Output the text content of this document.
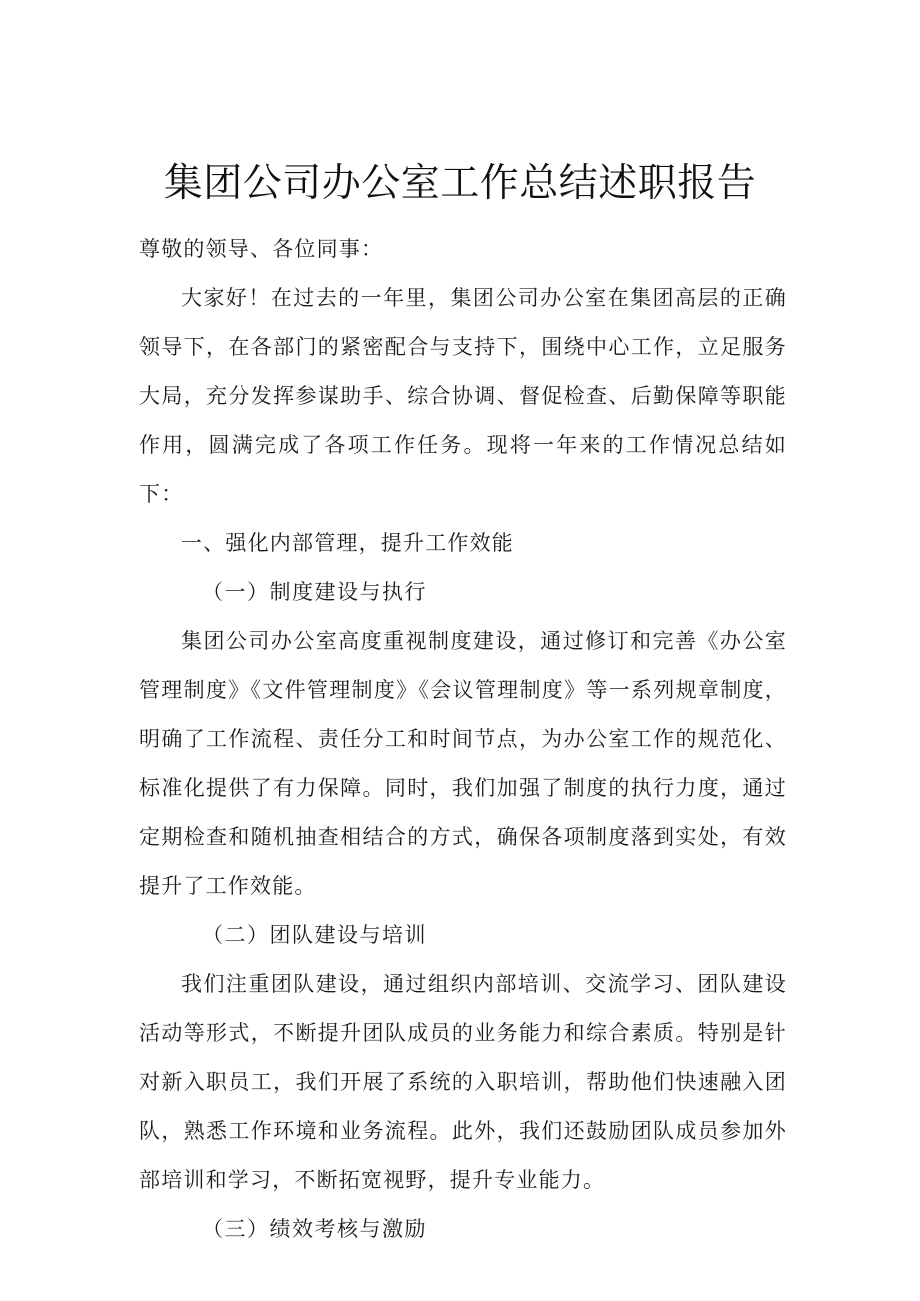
集团公司办公室工作总结述职报告

尊敬的领导、各位同事：

大家好！在过去的一年里，集团公司办公室在集团高层的正确领导下，在各部门的紧密配合与支持下，围绕中心工作，立足服务大局，充分发挥参谋助手、综合协调、督促检查、后勤保障等职能作用，圆满完成了各项工作任务。现将一年来的工作情况总结如下：

一、强化内部管理，提升工作效能

（一）制度建设与执行

集团公司办公室高度重视制度建设，通过修订和完善《办公室管理制度》《文件管理制度》《会议管理制度》等一系列规章制度，明确了工作流程、责任分工和时间节点，为办公室工作的规范化、标准化提供了有力保障。同时，我们加强了制度的执行力度，通过定期检查和随机抽查相结合的方式，确保各项制度落到实处，有效提升了工作效能。

（二）团队建设与培训

我们注重团队建设，通过组织内部培训、交流学习、团队建设活动等形式，不断提升团队成员的业务能力和综合素质。特别是针对新入职员工，我们开展了系统的入职培训，帮助他们快速融入团队，熟悉工作环境和业务流程。此外，我们还鼓励团队成员参加外部培训和学习，不断拓宽视野，提升专业能力。

（三）绩效考核与激励
